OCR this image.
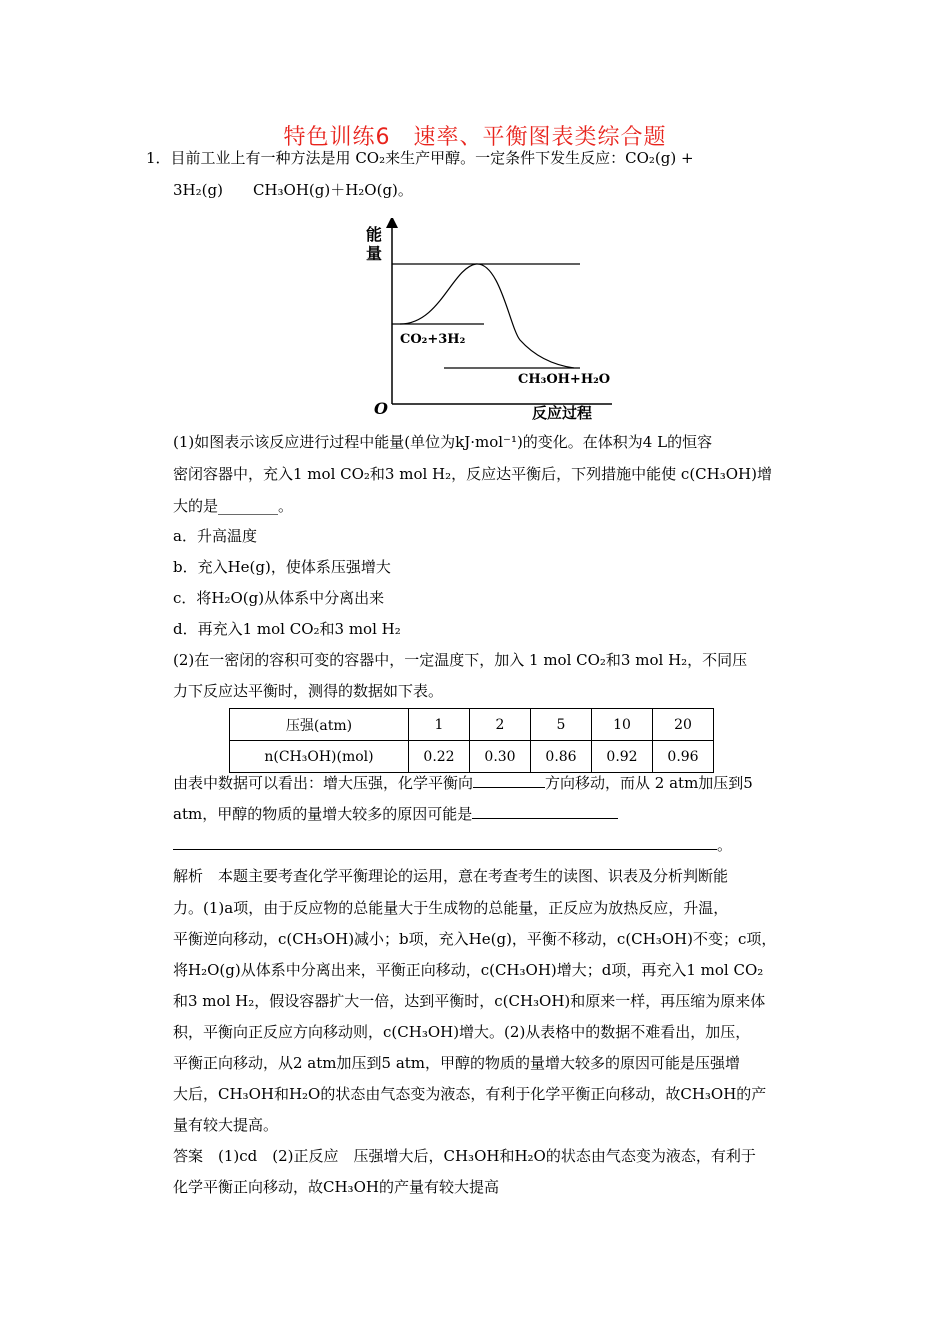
特色训练6　速率、平衡图表类综合题
1．目前工业上有一种方法是用 CO₂来生产甲醇。一定条件下发生反应：CO₂(g) +
3H₂(g)　　CH₃OH(g)＋H₂O(g)。
能
量
O	反应过程
CO₂+3H₂
CH₃OH+H₂O
(1)如图表示该反应进行过程中能量(单位为kJ·mol⁻¹)的变化。在体积为4 L的恒容
密闭容器中，充入1 mol CO₂和3 mol H₂，反应达平衡后，下列措施中能使 c(CH₃OH)增
大的是________。
a．升高温度
b．充入He(g)，使体系压强增大
c．将H₂O(g)从体系中分离出来
d．再充入1 mol CO₂和3 mol H₂
(2)在一密闭的容积可变的容器中，一定温度下，加入 1 mol CO₂和3 mol H₂，不同压
力下反应达平衡时，测得的数据如下表。
压强(atm)	1	2	5	10	20
n(CH₃OH)(mol)	0.22	0.30	0.86	0.92	0.96
由表中数据可以看出：增大压强，化学平衡向	方向移动，而从 2 atm加压到5
atm，甲醇的物质的量增大较多的原因可能是
。
解析　本题主要考查化学平衡理论的运用，意在考查考生的读图、识表及分析判断能
力。(1)a项，由于反应物的总能量大于生成物的总能量，正反应为放热反应，升温，
平衡逆向移动，c(CH₃OH)减小；b项，充入He(g)，平衡不移动，c(CH₃OH)不变；c项，
将H₂O(g)从体系中分离出来，平衡正向移动，c(CH₃OH)增大；d项，再充入1 mol CO₂
和3 mol H₂，假设容器扩大一倍，达到平衡时，c(CH₃OH)和原来一样，再压缩为原来体
积，平衡向正反应方向移动则，c(CH₃OH)增大。(2)从表格中的数据不难看出，加压，
平衡正向移动，从2 atm加压到5 atm，甲醇的物质的量增大较多的原因可能是压强增
大后，CH₃OH和H₂O的状态由气态变为液态，有利于化学平衡正向移动，故CH₃OH的产
量有较大提高。
答案　(1)cd　(2)正反应　压强增大后，CH₃OH和H₂O的状态由气态变为液态，有利于
化学平衡正向移动，故CH₃OH的产量有较大提高
